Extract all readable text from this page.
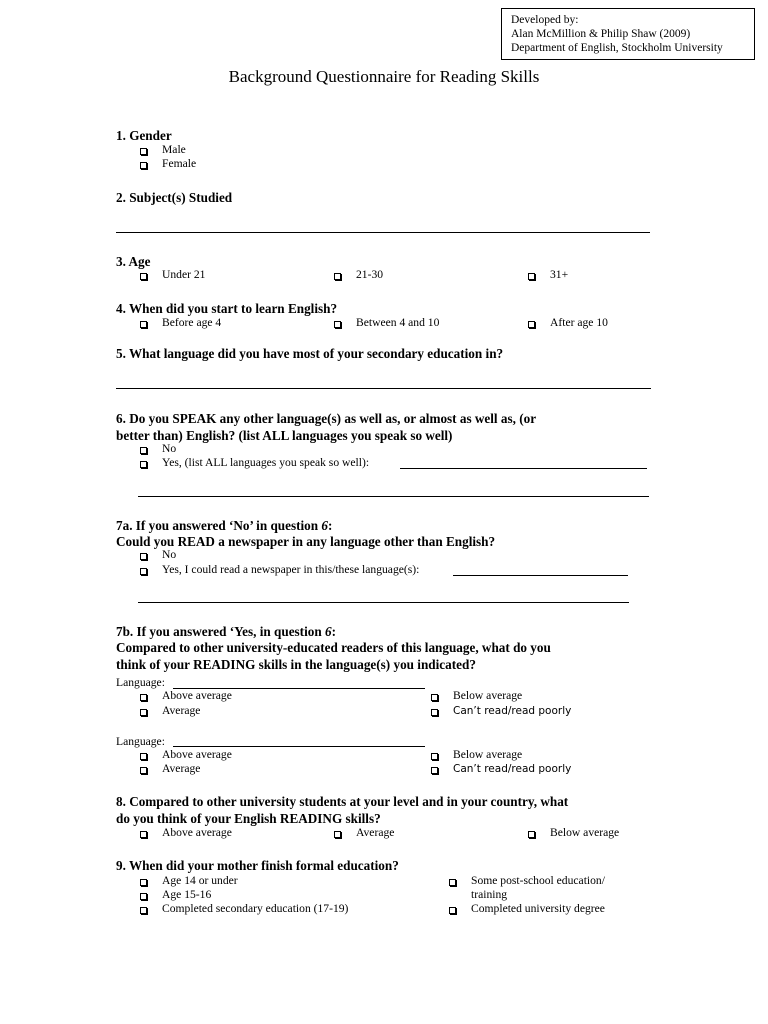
Developed by:
Alan McMillion & Philip Shaw (2009)
Department of English, Stockholm University
Background Questionnaire for Reading Skills
1. Gender
Male
Female
2. Subject(s) Studied
3. Age
Under 21	21-30	31+
4. When did you start to learn English?
Before age 4	Between 4 and 10	After age 10
5. What language did you have most of your secondary education in?
6. Do you SPEAK any other language(s) as well as, or almost as well as, (or
better than) English? (list ALL languages you speak so well)
No
Yes, (list ALL languages you speak so well):
7a. If you answered ‘No’ in question 6:
Could you READ a newspaper in any language other than English?
No
Yes, I could read a newspaper in this/these language(s):
7b. If you answered ‘Yes, in question 6:
Compared to other university-educated readers of this language, what do you
think of your READING skills in the language(s) you indicated?
Language:
Above average
Average
Below average
Can’t read/read poorly
Language:
Above average
Average
Below average
Can’t read/read poorly
8. Compared to other university students at your level and in your country, what
do you think of your English READING skills?
Above average	Average	Below average
9. When did your mother finish formal education?
Age 14 or under
Age 15-16
Completed secondary education (17-19)
Some post-school education/
training
Completed university degree
